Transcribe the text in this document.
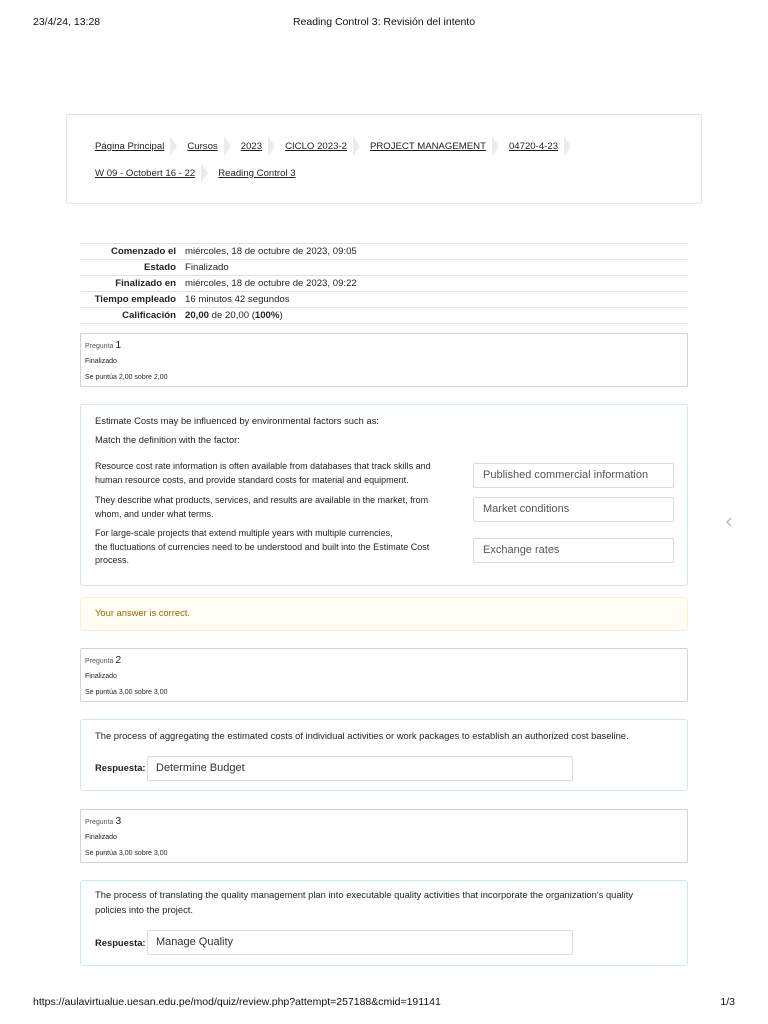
23/4/24, 13:28	Reading Control 3: Revisión del intento
Página Principal Cursos 2023 CICLO 2023-2 PROJECT MANAGEMENT 04720-4-23
W 09 - Octobert 16 - 22 Reading Control 3
Comenzado el	miércoles, 18 de octubre de 2023, 09:05
Estado	Finalizado
Finalizado en	miércoles, 18 de octubre de 2023, 09:22
Tiempo empleado	16 minutos 42 segundos
Calificación	20,00 de 20,00 (100%)
Pregunta 1
Finalizado
Se puntúa 2,00 sobre 2,00
Estimate Costs may be influenced by environmental factors such as:
Match the definition with the factor:
Resource cost rate information is often available from databases that track skills and
human resource costs, and provide standard costs for material and equipment.	Published commercial information
They describe what products, services, and results are available in the market, from
whom, and under what terms.	Market conditions
For large-scale projects that extend multiple years with multiple currencies,
the fluctuations of currencies need to be understood and built into the Estimate Cost
process.
Exchange rates
Your answer is correct.
Pregunta 2
Finalizado
Se puntúa 3,00 sobre 3,00
The process of aggregating the estimated costs of individual activities or work packages to establish an authorized cost baseline.
Respuesta: Determine Budget
Pregunta 3
Finalizado
Se puntúa 3,00 sobre 3,00
The process of translating the quality management plan into executable quality activities that incorporate the organization's quality
policies into the project.
Respuesta: Manage Quality
https://aulavirtualue.uesan.edu.pe/mod/quiz/review.php?attempt=257188&cmid=191141	1/3
